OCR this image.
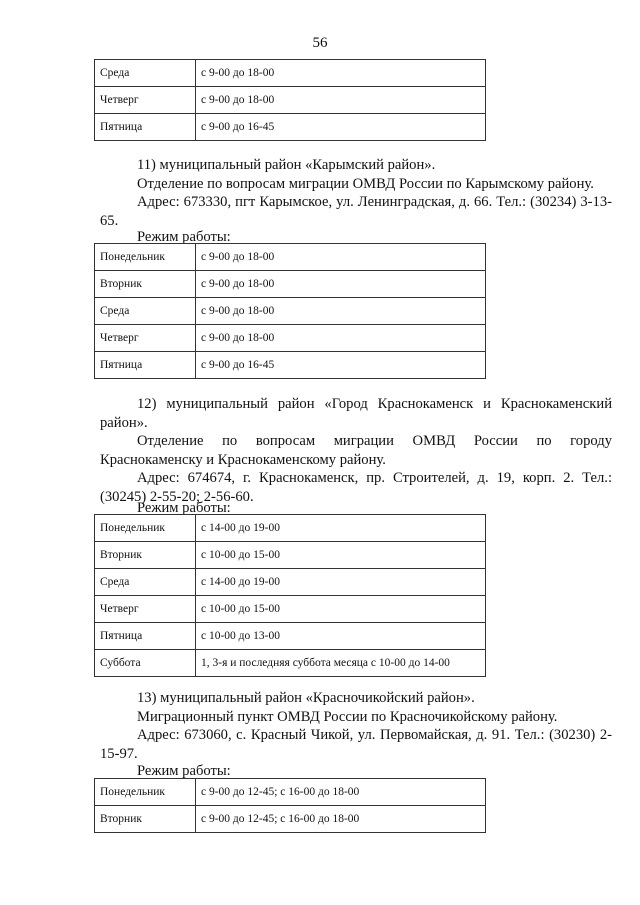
56
Среда	с 9-00 до 18-00
Четверг	с 9-00 до 18-00
Пятница	с 9-00 до 16-45

11) муниципальный район «Карымский район».

Отделение по вопросам миграции ОМВД России по Карымскому району.

Адрес: 673330, пгт Карымское, ул. Ленинградская, д. 66. Тел.: (30234) 3-13-65.

Режим работы:
Понедельник	с 9-00 до 18-00
Вторник	с 9-00 до 18-00
Среда	с 9-00 до 18-00
Четверг	с 9-00 до 18-00
Пятница	с 9-00 до 16-45

12) муниципальный район «Город Краснокаменск и Краснокаменский район».

Отделение по вопросам миграции ОМВД России по городу Краснокаменску и Краснокаменскому району.

Адрес: 674674, г. Краснокаменск, пр. Строителей, д. 19, корп. 2. Тел.: (30245) 2-55-20; 2-56-60.

Режим работы:
Понедельник	с 14-00 до 19-00
Вторник	с 10-00 до 15-00
Среда	с 14-00 до 19-00
Четверг	с 10-00 до 15-00
Пятница	с 10-00 до 13-00
Суббота	1, 3-я и последняя суббота месяца с 10-00 до 14-00

13) муниципальный район «Красночикойский район».

Миграционный пункт ОМВД России по Красночикойскому району.

Адрес: 673060, с. Красный Чикой, ул. Первомайская, д. 91. Тел.: (30230) 2-15-97.

Режим работы:
Понедельник	с 9-00 до 12-45; с 16-00 до 18-00
Вторник	с 9-00 до 12-45; с 16-00 до 18-00
